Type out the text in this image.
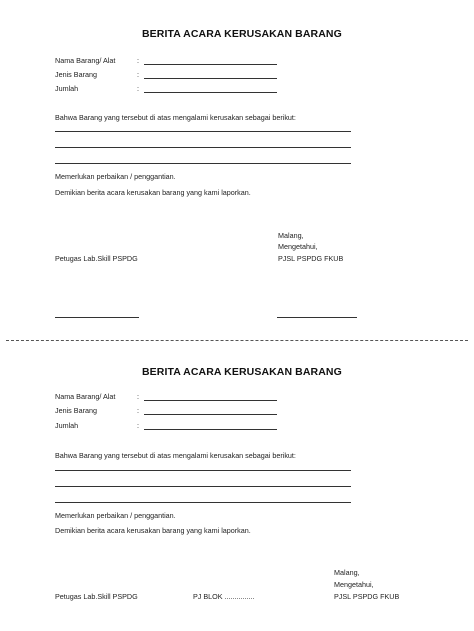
BERITA ACARA KERUSAKAN BARANG
Nama Barang/ Alat	:
Jenis Barang	:
Jumlah	:
Bahwa Barang yang tersebut di atas mengalami kerusakan sebagai berikut:
Memerlukan perbaikan / penggantian.
Demikian berita acara kerusakan barang yang kami laporkan.
Malang,
Mengetahui,
PJSL PSPDG FKUB
Petugas Lab.Skill PSPDG
BERITA ACARA KERUSAKAN BARANG
Nama Barang/ Alat	:
Jenis Barang	:
Jumlah	:
Bahwa Barang yang tersebut di atas mengalami kerusakan sebagai berikut:
Memerlukan perbaikan / penggantian.
Demikian berita acara kerusakan barang yang kami laporkan.
Malang,
Mengetahui,
PJSL PSPDG FKUB
Petugas Lab.Skill PSPDG	PJ BLOK ...............
